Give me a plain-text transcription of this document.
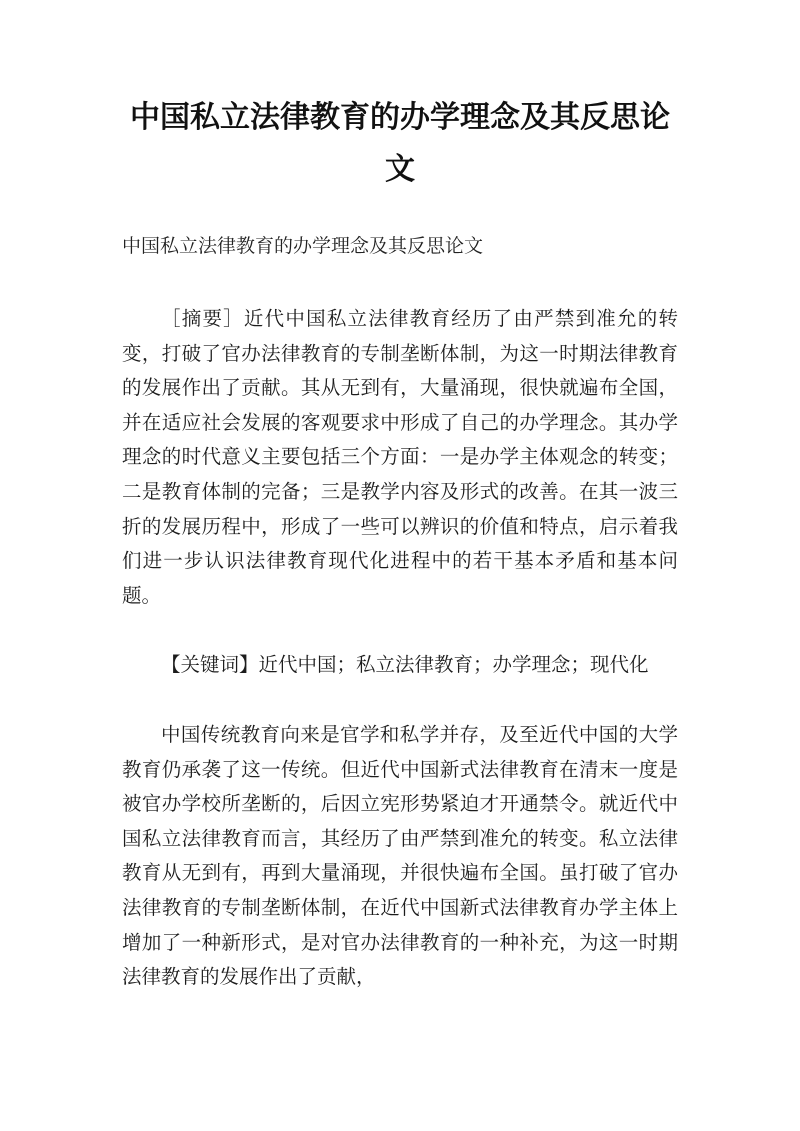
中国私立法律教育的办学理念及其反思论文

中国私立法律教育的办学理念及其反思论文

［摘要］近代中国私立法律教育经历了由严禁到准允的转变，打破了官办法律教育的专制垄断体制，为这一时期法律教育的发展作出了贡献。其从无到有，大量涌现，很快就遍布全国，并在适应社会发展的客观要求中形成了自己的办学理念。其办学理念的时代意义主要包括三个方面：一是办学主体观念的转变；二是教育体制的完备；三是教学内容及形式的改善。在其一波三折的发展历程中，形成了一些可以辨识的价值和特点，启示着我们进一步认识法律教育现代化进程中的若干基本矛盾和基本问题。

【关键词】近代中国；私立法律教育；办学理念；现代化

中国传统教育向来是官学和私学并存，及至近代中国的大学教育仍承袭了这一传统。但近代中国新式法律教育在清末一度是被官办学校所垄断的，后因立宪形势紧迫才开通禁令。就近代中国私立法律教育而言，其经历了由严禁到准允的转变。私立法律教育从无到有，再到大量涌现，并很快遍布全国。虽打破了官办法律教育的专制垄断体制，在近代中国新式法律教育办学主体上增加了一种新形式，是对官办法律教育的一种补充，为这一时期法律教育的发展作出了贡献，
